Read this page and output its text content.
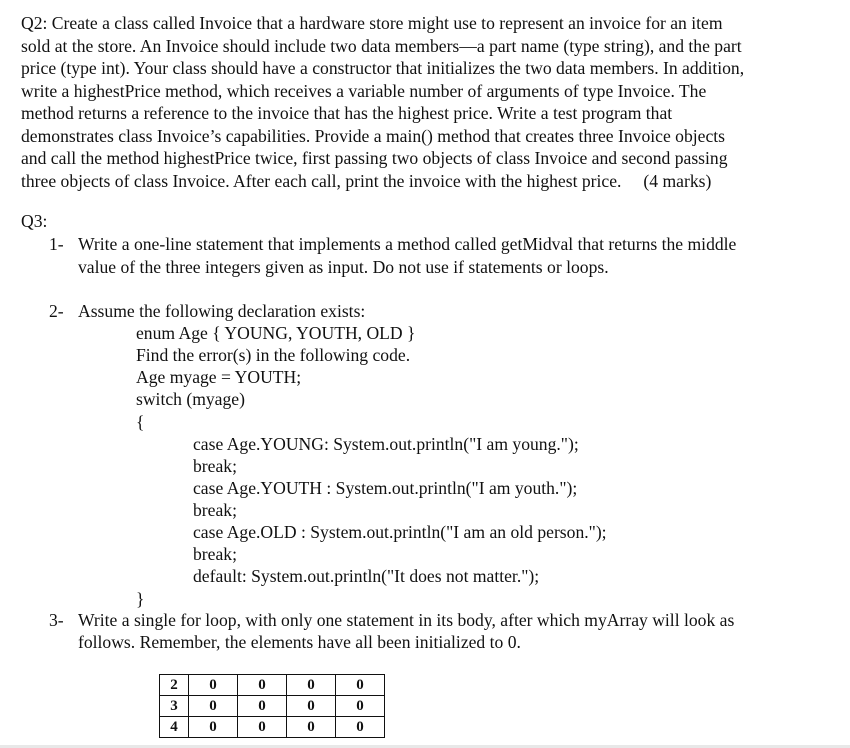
Q2: Create a class called Invoice that a hardware store might use to represent an invoice for an item
sold at the store. An Invoice should include two data members—a part name (type string), and the part
price (type int). Your class should have a constructor that initializes the two data members. In addition,
write a highestPrice method, which receives a variable number of arguments of type Invoice. The
method returns a reference to the invoice that has the highest price. Write a test program that
demonstrates class Invoice’s capabilities. Provide a main() method that creates three Invoice objects
and call the method highestPrice twice, first passing two objects of class Invoice and second passing
three objects of class Invoice. After each call, print the invoice with the highest price. (4 marks)
Q3:
1- Write a one-line statement that implements a method called getMidval that returns the middle
value of the three integers given as input. Do not use if statements or loops.
2- Assume the following declaration exists:
enum Age { YOUNG, YOUTH, OLD }
Find the error(s) in the following code.
Age myage = YOUTH;
switch (myage)
{
case Age.YOUNG: System.out.println("I am young.");
break;
case Age.YOUTH : System.out.println("I am youth.");
break;
case Age.OLD : System.out.println("I am an old person.");
break;
default: System.out.println("It does not matter.");
}
3- Write a single for loop, with only one statement in its body, after which myArray will look as
follows. Remember, the elements have all been initialized to 0.
2	0	0	0	0
3	0	0	0	0
4	0	0	0	0
